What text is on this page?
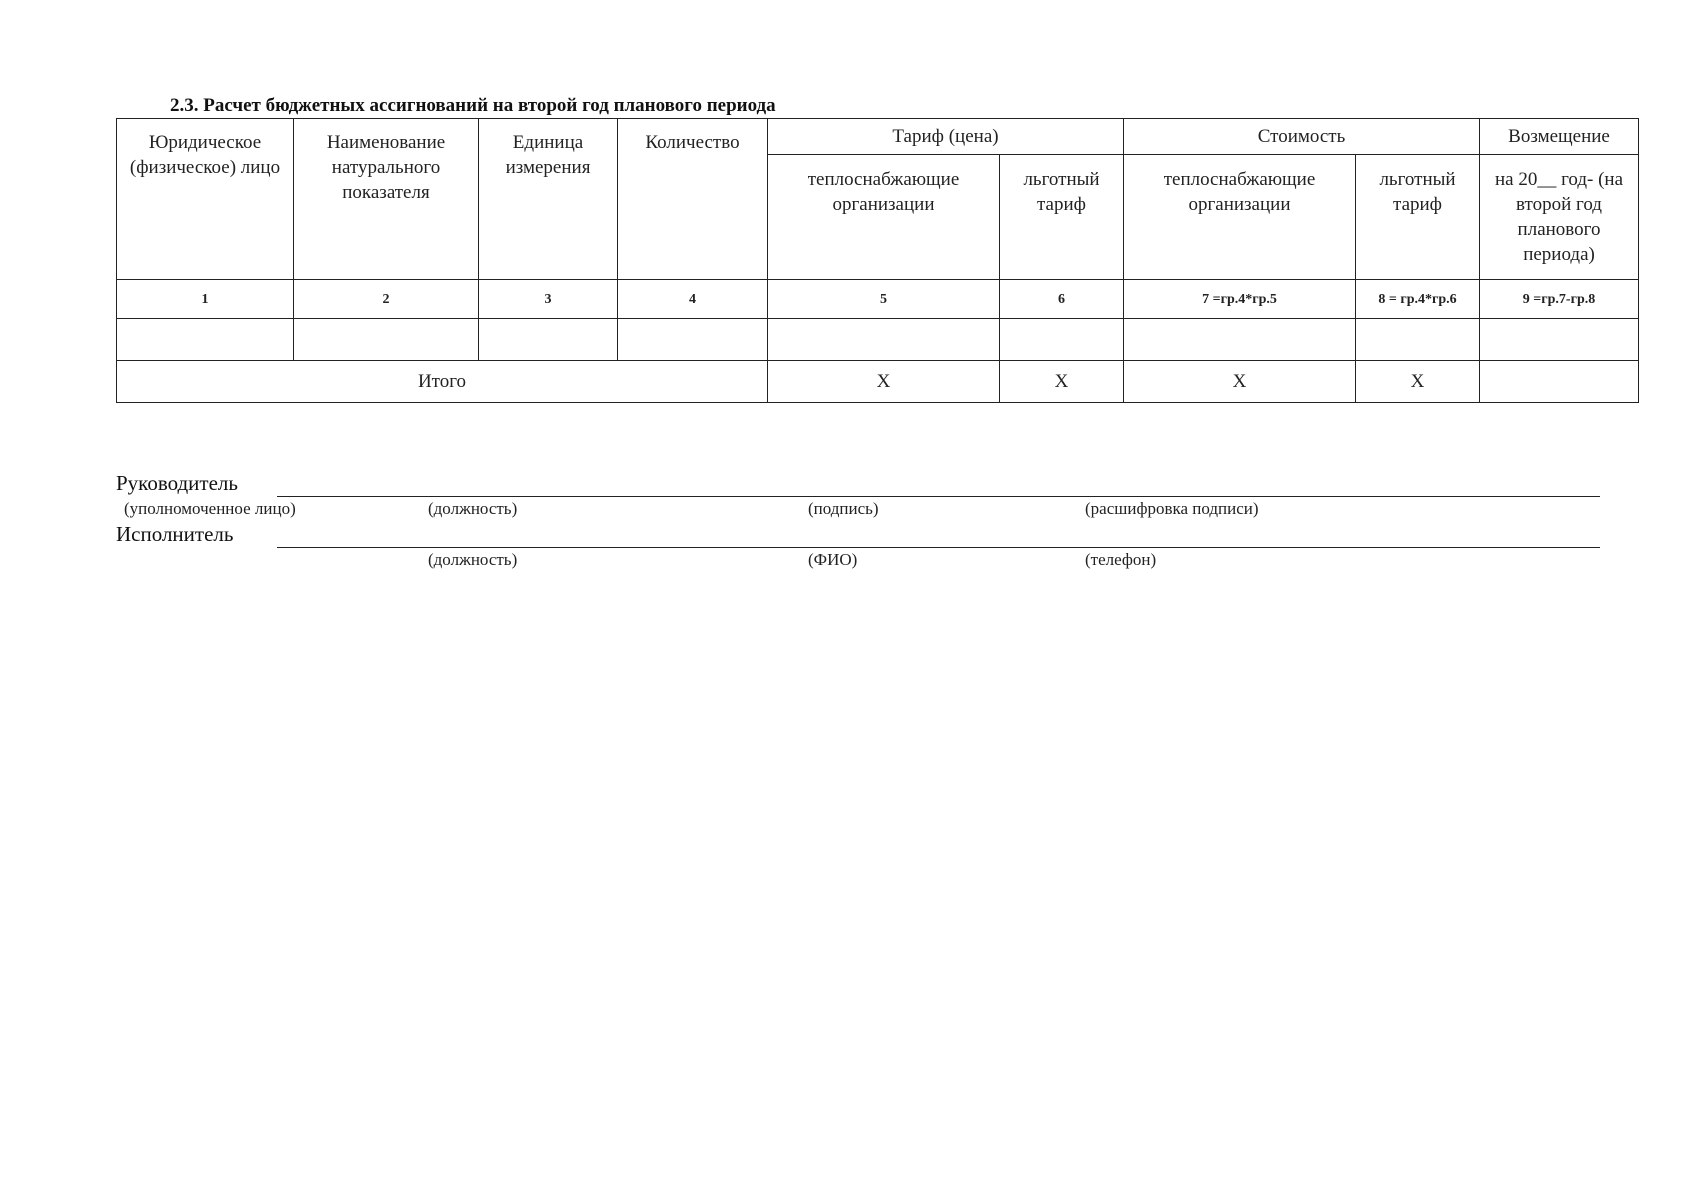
2.3. Расчет бюджетных ассигнований на второй год планового периода
Юридическое (физическое) лицо	Наименование натурального показателя	Единица измерения	Количество	Тариф (цена)		Стоимость		Возмещение
				теплоснабжающие организации	льготный тариф	теплоснабжающие организации	льготный тариф	на 20__ год- (на второй год планового периода)
1	2	3	4	5	6	7 =гр.4*гр.5	8 = гр.4*гр.6	9 =гр.7-гр.8

Итого				Х	Х	Х	Х	
Руководитель
(уполномоченное лицо)	(должность)	(подпись)	(расшифровка подписи)
Исполнитель
(должность)	(ФИО)	(телефон)
